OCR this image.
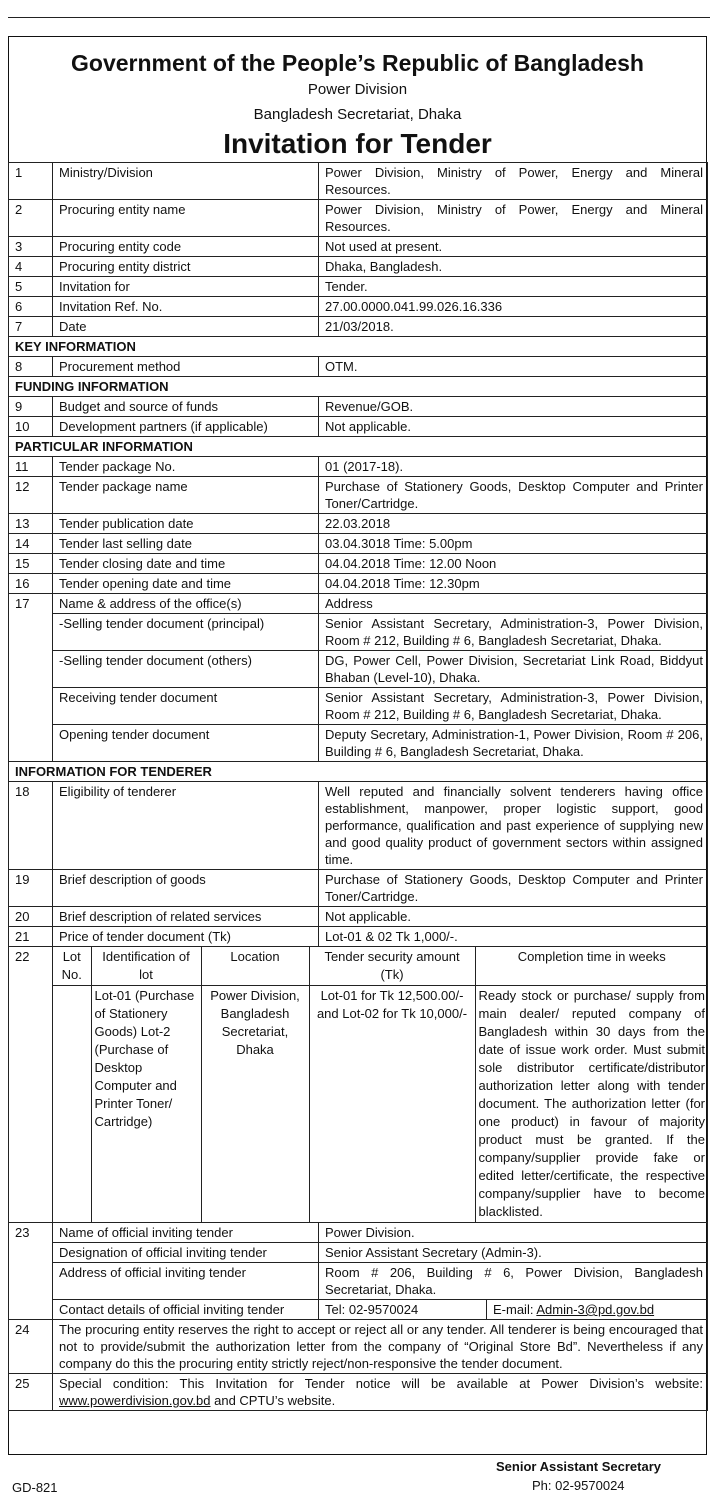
Government of the People’s Republic of Bangladesh
Power Division
Bangladesh Secretariat, Dhaka
Invitation for Tender
1	Ministry/Division	Power Division, Ministry of Power, Energy and Mineral Resources.
2	Procuring entity name	Power Division, Ministry of Power, Energy and Mineral Resources.
3	Procuring entity code	Not used at present.
4	Procuring entity district	Dhaka, Bangladesh.
5	Invitation for	Tender.
6	Invitation Ref. No.	27.00.0000.041.99.026.16.336
7	Date	21/03/2018.
KEY INFORMATION
8	Procurement method	OTM.
FUNDING INFORMATION
9	Budget and source of funds	Revenue/GOB.
10	Development partners (if applicable)	Not applicable.
PARTICULAR INFORMATION
11	Tender package No.	01 (2017-18).
12	Tender package name	Purchase of Stationery Goods, Desktop Computer and Printer Toner/Cartridge.
13	Tender publication date	22.03.2018
14	Tender last selling date	03.04.3018 Time: 5.00pm
15	Tender closing date and time	04.04.2018 Time: 12.00 Noon
16	Tender opening date and time	04.04.2018 Time: 12.30pm
17	Name & address of the office(s)	Address
-Selling tender document (principal)	Senior Assistant Secretary, Administration-3, Power Division, Room # 212, Building # 6, Bangladesh Secretariat, Dhaka.
-Selling tender document (others)	DG, Power Cell, Power Division, Secretariat Link Road, Biddyut Bhaban (Level-10), Dhaka.
Receiving tender document	Senior Assistant Secretary, Administration-3, Power Division, Room # 212, Building # 6, Bangladesh Secretariat, Dhaka.
Opening tender document	Deputy Secretary, Administration-1, Power Division, Room # 206, Building # 6, Bangladesh Secretariat, Dhaka.
INFORMATION FOR TENDERER
18	Eligibility of tenderer	Well reputed and financially solvent tenderers having office establishment, manpower, proper logistic support, good performance, qualification and past experience of supplying new and good quality product of government sectors within assigned time.
19	Brief description of goods	Purchase of Stationery Goods, Desktop Computer and Printer Toner/Cartridge.
20	Brief description of related services	Not applicable.
21	Price of tender document (Tk)	Lot-01 & 02 Tk 1,000/-.
22		Lot No.	Identification of lot	Location	Tender security amount (Tk)	Completion time in weeks
	Lot-01 (Purchase of Stationery Goods) Lot-2 (Purchase of Desktop Computer and Printer Toner/ Cartridge)	Power Division, Bangladesh Secretariat, Dhaka	Lot-01 for Tk 12,500.00/- and Lot-02 for Tk 10,000/-	Ready stock or purchase/ supply from main dealer/ reputed company of Bangladesh within 30 days from the date of issue work order. Must submit sole distributor certificate/distributor authorization letter along with tender document. The authorization letter (for one product) in favour of majority product must be granted. If the company/supplier provide fake or edited letter/certificate, the respective company/supplier have to become blacklisted.

23	Name of official inviting tender	Power Division.
Designation of official inviting tender	Senior Assistant Secretary (Admin-3).
Address of official inviting tender	Room # 206, Building # 6, Power Division, Bangladesh Secretariat, Dhaka.
Contact details of official inviting tender	Tel: 02-9570024	E-mail: Admin-3@pd.gov.bd

24	The procuring entity reserves the right to accept or reject all or any tender. All tenderer is being encouraged that not to provide/submit the authorization letter from the company of “Original Store Bd”. Nevertheless if any company do this the procuring entity strictly reject/non-responsive the tender document.
25	Special condition: This Invitation for Tender notice will be available at Power Division’s website: www.powerdivision.gov.bd and CPTU’s website.
Senior Assistant Secretary
Ph: 02-9570024
GD-821
